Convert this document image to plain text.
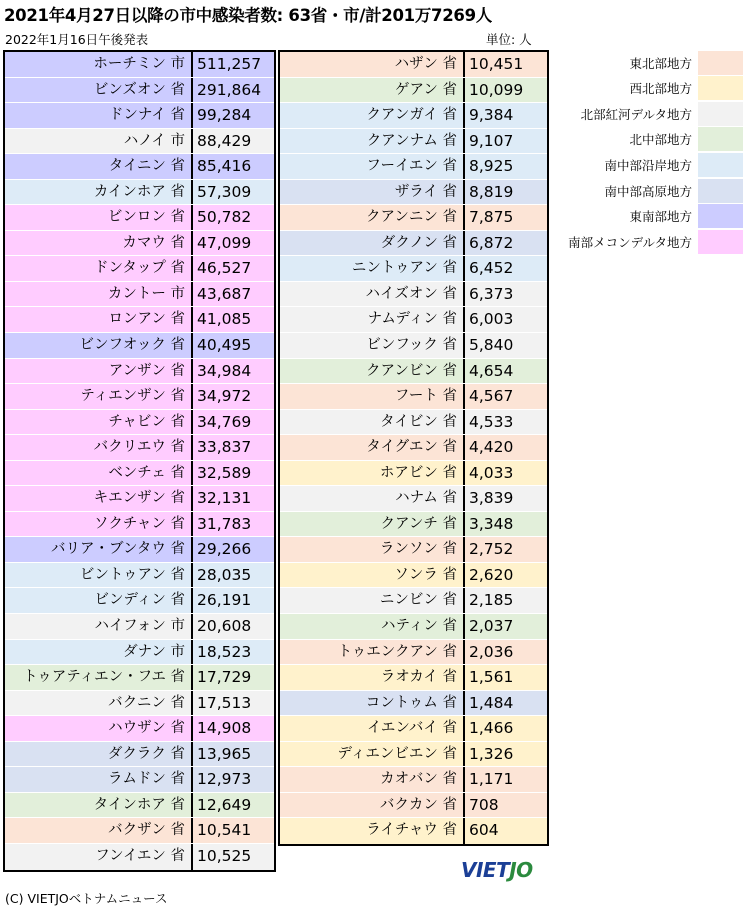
2021年4月27日以降の市中感染者数: 63省・市/計201万7269人
2022年1月16日午後発表	単位: 人
ホーチミン 市 511,257
ビンズオン 省 291,864
ドンナイ 省 99,284
ハノイ 市 88,429
タイニン 省 85,416
カインホア 省 57,309
ビンロン 省 50,782
カマウ 省 47,099
ドンタップ 省 46,527
カントー 市 43,687
ロンアン 省 41,085
ビンフオック 省 40,495
アンザン 省 34,984
ティエンザン 省 34,972
チャビン 省 34,769
バクリエウ 省 33,837
ベンチェ 省 32,589
キエンザン 省 32,131
ソクチャン 省 31,783
バリア・ブンタウ 省 29,266
ビントゥアン 省 28,035
ビンディン 省 26,191
ハイフォン 市 20,608
ダナン 市 18,523
トゥアティエン・フエ 省 17,729
バクニン 省 17,513
ハウザン 省 14,908
ダクラク 省 13,965
ラムドン 省 12,973
タインホア 省 12,649
バクザン 省 10,541
フンイエン 省 10,525
ハザン 省 10,451
ゲアン 省 10,099
クアンガイ 省 9,384
クアンナム 省 9,107
フーイエン 省 8,925
ザライ 省 8,819
クアンニン 省 7,875
ダクノン 省 6,872
ニントゥアン 省 6,452
ハイズオン 省 6,373
ナムディン 省 6,003
ビンフック 省 5,840
クアンビン 省 4,654
フート 省 4,567
タイビン 省 4,533
タイグエン 省 4,420
ホアビン 省 4,033
ハナム 省 3,839
クアンチ 省 3,348
ランソン 省 2,752
ソンラ 省 2,620
ニンビン 省 2,185
ハティン 省 2,037
トゥエンクアン 省 2,036
ラオカイ 省 1,561
コントゥム 省 1,484
イエンバイ 省 1,466
ディエンビエン 省 1,326
カオバン 省 1,171
バクカン 省 708
ライチャウ 省 604
東北部地方
西北部地方
北部紅河デルタ地方
北中部地方
南中部沿岸地方
南中部高原地方
東南部地方
南部メコンデルタ地方
VIETJO
(C) VIETJOベトナムニュース
